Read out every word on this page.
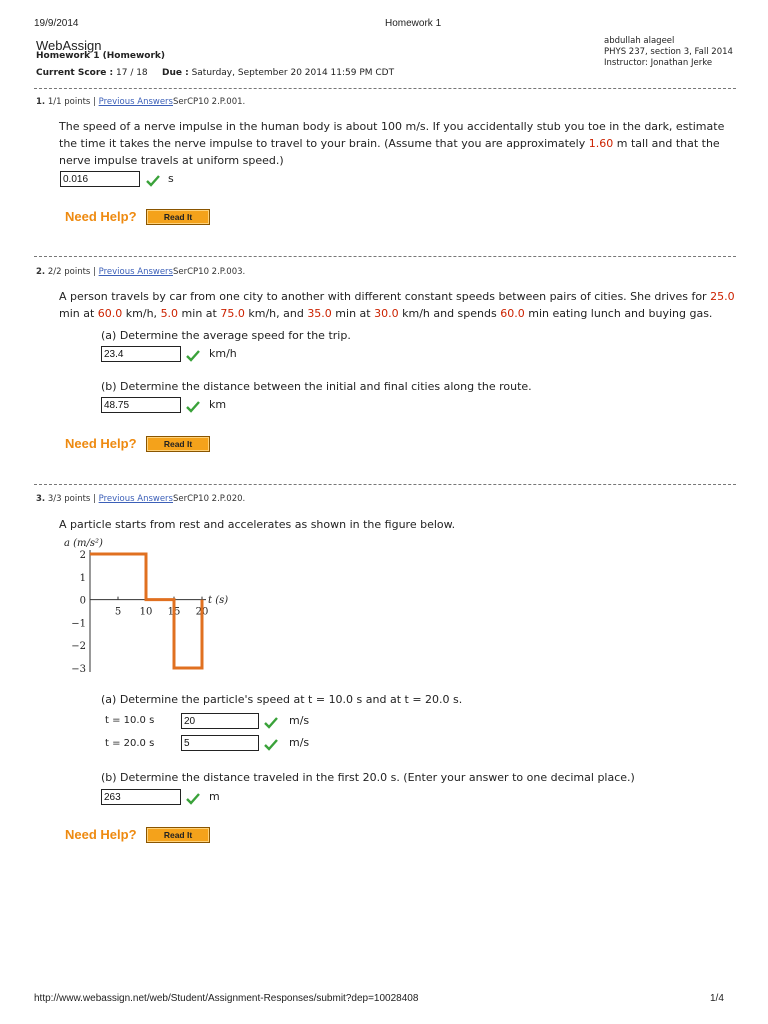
19/9/2014	Homework 1
http://www.webassign.net/web/Student/Assignment-Responses/submit?dep=10028408	1/4
WebAssign
Homework 1 (Homework)
Current Score : 17 / 18 Due : Saturday, September 20 2014 11:59 PM CDT
abdullah alageel
PHYS 237, section 3, Fall 2014
Instructor: Jonathan Jerke
1. 1/1 points | Previous AnswersSerCP10 2.P.001.
The speed of a nerve impulse in the human body is about 100 m/s. If you accidentally stub you toe in the dark, estimate the time it takes the nerve impulse to travel to your brain. (Assume that you are approximately 1.60 m tall and that the nerve impulse travels at uniform speed.)
0.016	s
Need Help?	Read It
2. 2/2 points | Previous AnswersSerCP10 2.P.003.
A person travels by car from one city to another with different constant speeds between pairs of cities. She drives for 25.0 min at 60.0 km/h, 5.0 min at 75.0 km/h, and 35.0 min at 30.0 km/h and spends 60.0 min eating lunch and buying gas.
(a) Determine the average speed for the trip.
23.4	km/h
(b) Determine the distance between the initial and final cities along the route.
48.75	km
Need Help?	Read It
3. 3/3 points | Previous AnswersSerCP10 2.P.020.
A particle starts from rest and accelerates as shown in the figure below.
a (m/s²)
t (s)
2
1
0
−1
−2
−3
5 10 15 20
(a) Determine the particle's speed at t = 10.0 s and at t = 20.0 s.
t = 10.0 s	20	m/s
t = 20.0 s	5	m/s
(b) Determine the distance traveled in the first 20.0 s. (Enter your answer to one decimal place.)
263	m
Need Help?	Read It
